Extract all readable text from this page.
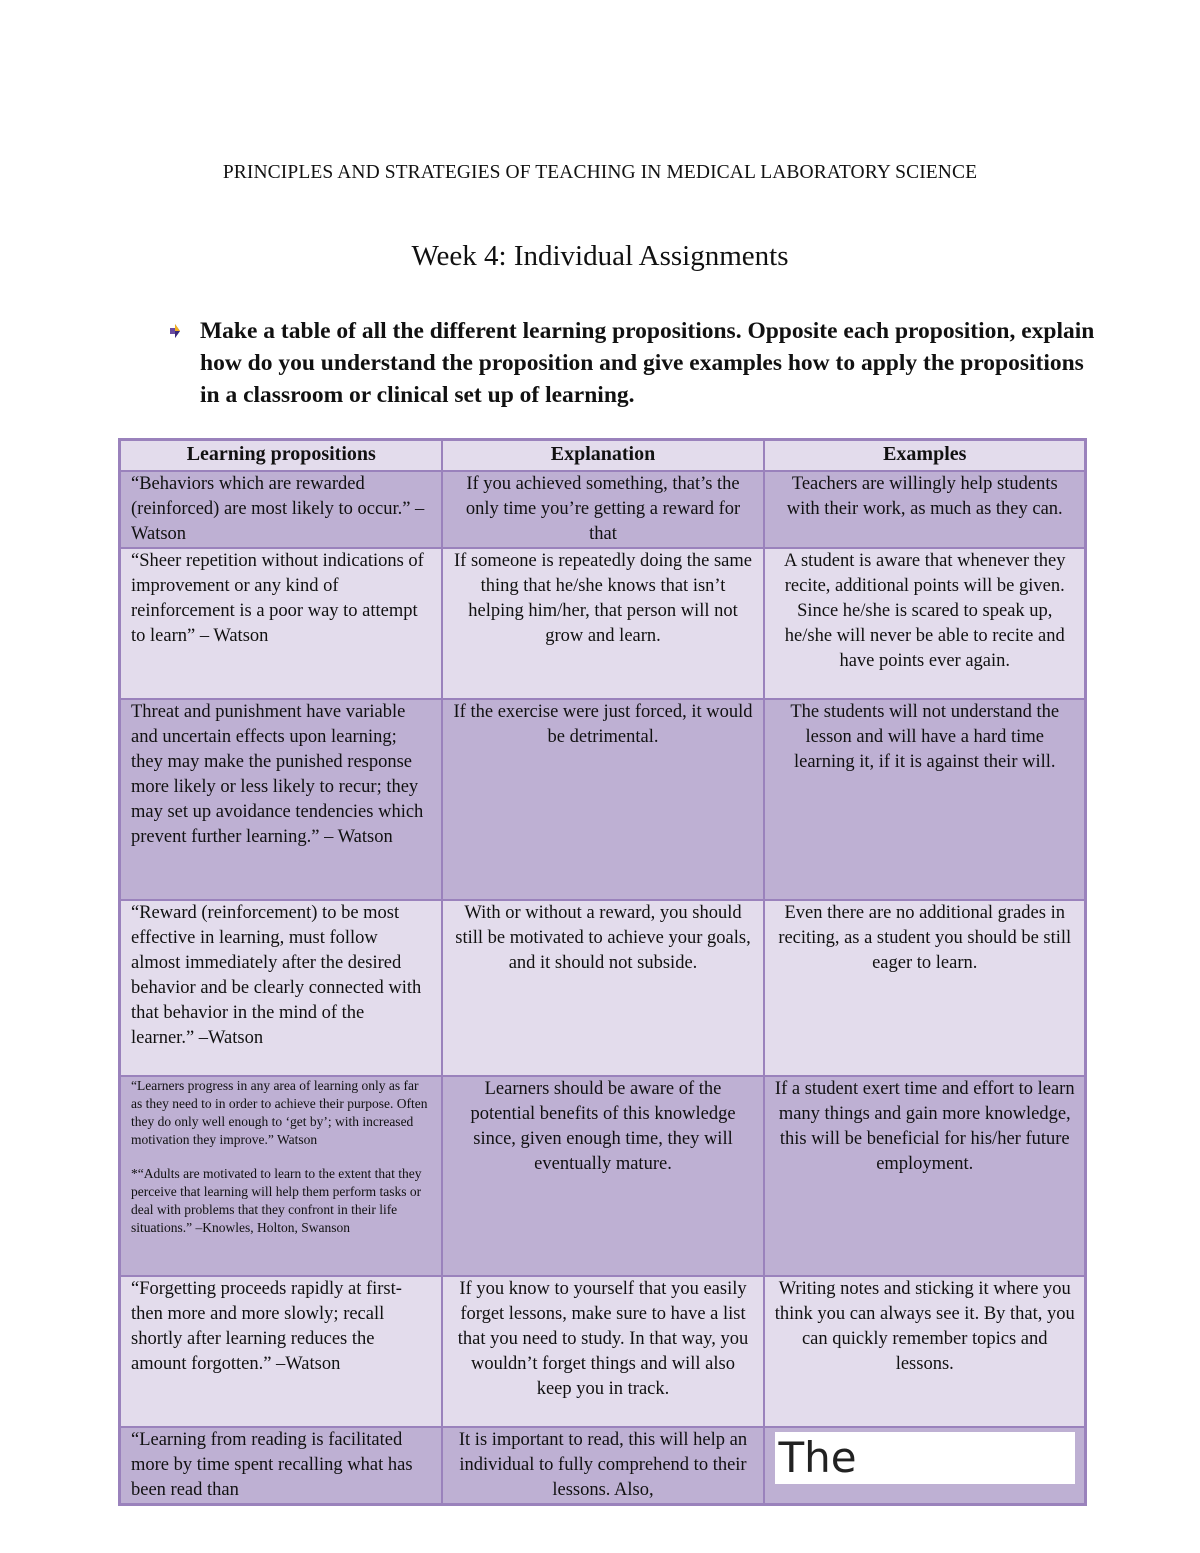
PRINCIPLES AND STRATEGIES OF TEACHING IN MEDICAL LABORATORY SCIENCE
Week 4: Individual Assignments
Make a table of all the different learning propositions. Opposite each proposition, explain how do you understand the proposition and give examples how to apply the propositions in a classroom or clinical set up of learning.
Learning propositions	Explanation	Examples
“Behaviors which are rewarded (reinforced) are most likely to occur.” –Watson	If you achieved something, that’s the only time you’re getting a reward for that	Teachers are willingly help students with their work, as much as they can.
“Sheer repetition without indications of improvement or any kind of reinforcement is a poor way to attempt to learn” – Watson	If someone is repeatedly doing the same thing that he/she knows that isn’t helping him/her, that person will not grow and learn.	A student is aware that whenever they recite, additional points will be given. Since he/she is scared to speak up, he/she will never be able to recite and have points ever again.
Threat and punishment have variable and uncertain effects upon learning; they may make the punished response more likely or less likely to recur; they may set up avoidance tendencies which prevent further learning.” – Watson	If the exercise were just forced, it would be detrimental.	The students will not understand the lesson and will have a hard time learning it, if it is against their will.
“Reward (reinforcement) to be most effective in learning, must follow almost immediately after the desired behavior and be clearly connected with that behavior in the mind of the learner.” –Watson	With or without a reward, you should still be motivated to achieve your goals, and it should not subside.	Even there are no additional grades in reciting, as a student you should be still eager to learn.

“Learners progress in any area of learning only as far as they need to in order to achieve their purpose. Often they do only well enough to ‘get by’; with increased motivation they improve.” Watson

*“Adults are motivated to learn to the extent that they perceive that learning will help them perform tasks or deal with problems that they confront in their life situations.” –Knowles, Holton, Swanson	Learners should be aware of the potential benefits of this knowledge since, given enough time, they will eventually mature.	If a student exert time and effort to learn many things and gain more knowledge, this will be beneficial for his/her future employment.
“Forgetting proceeds rapidly at first- then more and more slowly; recall shortly after learning reduces the amount forgotten.” –Watson	If you know to yourself that you easily forget lessons, make sure to have a list that you need to study. In that way, you wouldn’t forget things and will also keep you in track.	Writing notes and sticking it where you think you can always see it. By that, you can quickly remember topics and lessons.
“Learning from reading is facilitated more by time spent recalling what has been read than	It is important to read, this will help an individual to fully comprehend to their lessons. Also,	The
